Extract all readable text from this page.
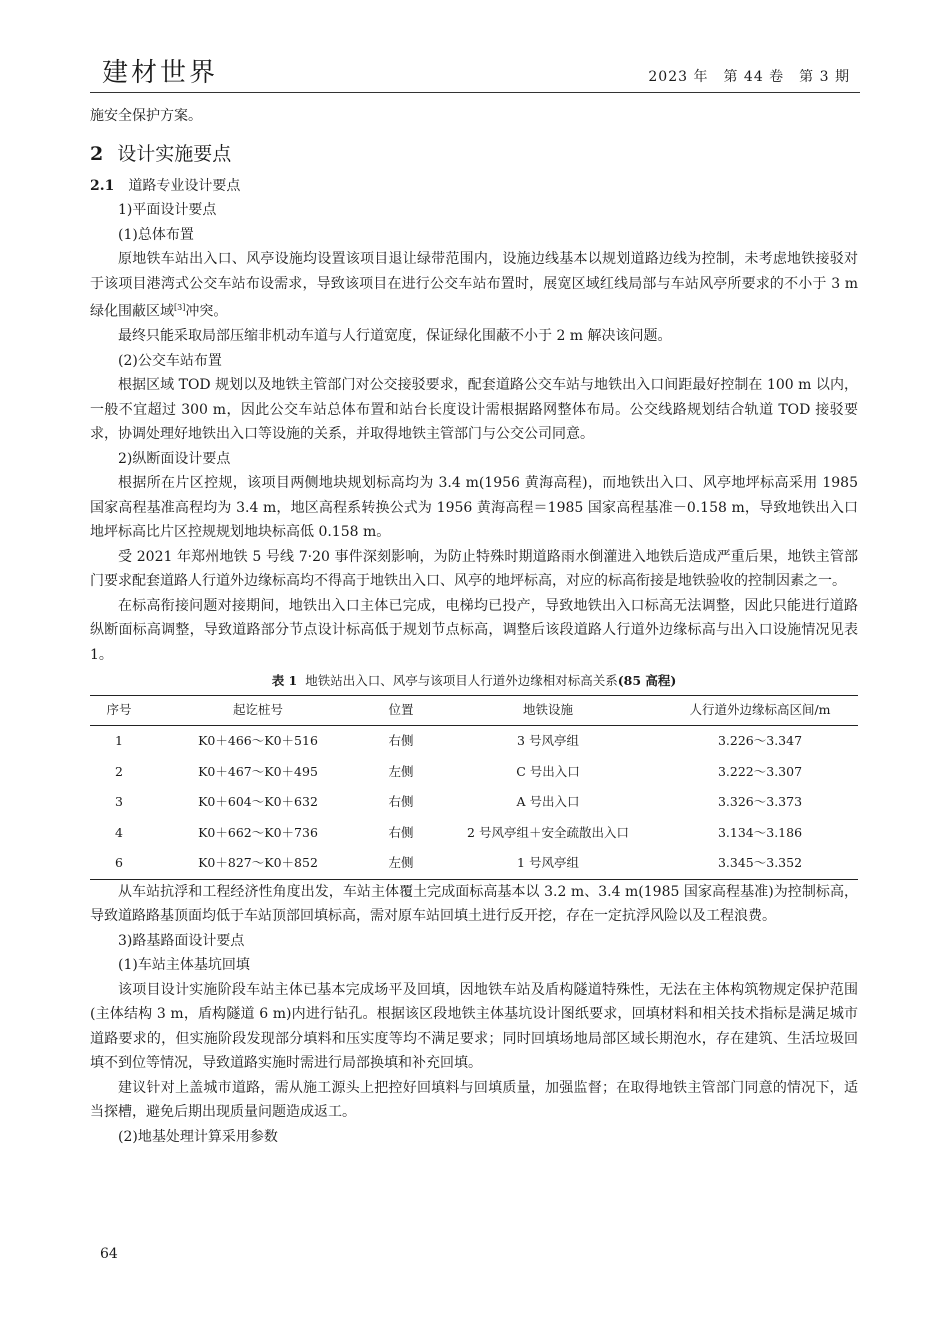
建材世界	2023 年　第 44 卷　第 3 期

施安全保护方案。

2 设计实施要点
2.1 道路专业设计要点

1)平面设计要点

(1)总体布置

原地铁车站出入口、风亭设施均设置该项目退让绿带范围内，设施边线基本以规划道路边线为控制，未考虑地铁接驳对于该项目港湾式公交车站布设需求，导致该项目在进行公交车站布置时，展宽区域红线局部与车站风亭所要求的不小于 3 m 绿化围蔽区域[3]冲突。

最终只能采取局部压缩非机动车道与人行道宽度，保证绿化围蔽不小于 2 m 解决该问题。

(2)公交车站布置

根据区域 TOD 规划以及地铁主管部门对公交接驳要求，配套道路公交车站与地铁出入口间距最好控制在 100 m 以内，一般不宜超过 300 m，因此公交车站总体布置和站台长度设计需根据路网整体布局。公交线路规划结合轨道 TOD 接驳要求，协调处理好地铁出入口等设施的关系，并取得地铁主管部门与公交公司同意。

2)纵断面设计要点

根据所在片区控规，该项目两侧地块规划标高均为 3.4 m(1956 黄海高程)，而地铁出入口、风亭地坪标高采用 1985 国家高程基准高程均为 3.4 m，地区高程系转换公式为 1956 黄海高程＝1985 国家高程基准－0.158 m，导致地铁出入口地坪标高比片区控规规划地块标高低 0.158 m。

受 2021 年郑州地铁 5 号线 7·20 事件深刻影响，为防止特殊时期道路雨水倒灌进入地铁后造成严重后果，地铁主管部门要求配套道路人行道外边缘标高均不得高于地铁出入口、风亭的地坪标高，对应的标高衔接是地铁验收的控制因素之一。

在标高衔接问题对接期间，地铁出入口主体已完成，电梯均已投产，导致地铁出入口标高无法调整，因此只能进行道路纵断面标高调整，导致道路部分节点设计标高低于规划节点标高，调整后该段道路人行道外边缘标高与出入口设施情况见表 1。

表 1 地铁站出入口、风亭与该项目人行道外边缘相对标高关系(85 高程)
序号	起讫桩号	位置	地铁设施	人行道外边缘标高区间/m
1	K0＋466～K0＋516	右侧	3 号风亭组	3.226～3.347
2	K0＋467～K0＋495	左侧	C 号出入口	3.222～3.307
3	K0＋604～K0＋632	右侧	A 号出入口	3.326～3.373
4	K0＋662～K0＋736	右侧	2 号风亭组＋安全疏散出入口	3.134～3.186
6	K0＋827～K0＋852	左侧	1 号风亭组	3.345～3.352

从车站抗浮和工程经济性角度出发，车站主体覆土完成面标高基本以 3.2 m、3.4 m(1985 国家高程基准)为控制标高，导致道路路基顶面均低于车站顶部回填标高，需对原车站回填土进行反开挖，存在一定抗浮风险以及工程浪费。

3)路基路面设计要点

(1)车站主体基坑回填

该项目设计实施阶段车站主体已基本完成场平及回填，因地铁车站及盾构隧道特殊性，无法在主体构筑物规定保护范围(主体结构 3 m，盾构隧道 6 m)内进行钻孔。根据该区段地铁主体基坑设计图纸要求，回填材料和相关技术指标是满足城市道路要求的，但实施阶段发现部分填料和压实度等均不满足要求；同时回填场地局部区域长期泡水，存在建筑、生活垃圾回填不到位等情况，导致道路实施时需进行局部换填和补充回填。

建议针对上盖城市道路，需从施工源头上把控好回填料与回填质量，加强监督；在取得地铁主管部门同意的情况下，适当探槽，避免后期出现质量问题造成返工。

(2)地基处理计算采用参数

64
